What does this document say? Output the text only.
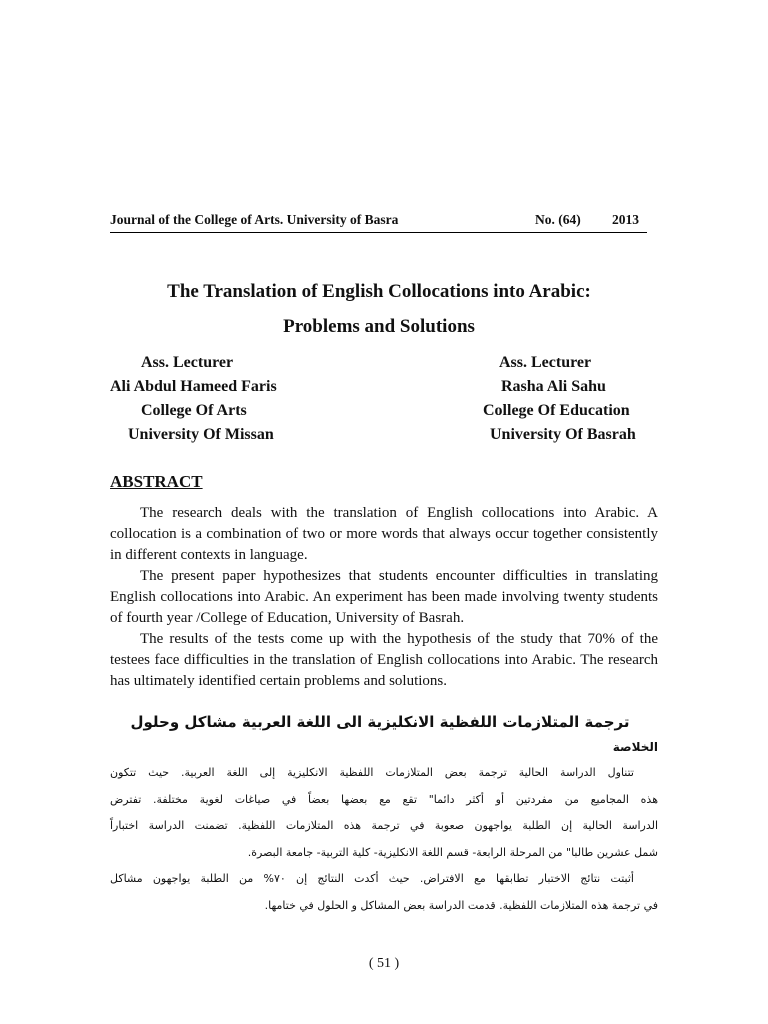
Journal of the College of Arts. University of Basra	No. (64) 2013
The Translation of English Collocations into Arabic:
Problems and Solutions
Ass. Lecturer
Ali Abdul Hameed Faris
College Of Arts
University Of Missan
Ass. Lecturer
Rasha Ali Sahu
College Of Education
University Of Basrah
ABSTRACT

The research deals with the translation of English collocations into Arabic. A collocation is a combination of two or more words that always occur together consistently in different contexts in language.

The present paper hypothesizes that students encounter difficulties in translating English collocations into Arabic. An experiment has been made involving twenty students of fourth year /College of Education, University of Basrah.

The results of the tests come up with the hypothesis of the study that 70% of the testees face difficulties in the translation of English collocations into Arabic. The research has ultimately identified certain problems and solutions.

ترجمة المتلازمات اللفظية الانكليزية الى اللغة العربية مشاكل وحلول
الخلاصة
تتناول الدراسة الحالية ترجمة بعض المتلازمات اللفظية الانكليزية إلى اللغة العربية. حيث تتكون
هذه المجاميع من مفردتين أو أكثر دائما" تقع مع بعضها بعضاً في صياغات لغوية مختلفة. تفترض
الدراسة الحالية إن الطلبة يواجهون صعوبة في ترجمة هذه المتلازمات اللفظية. تضمنت الدراسة اختباراً
شمل عشرين طالبا" من المرحلة الرابعة- قسم اللغة الانكليزية- كلية التربية- جامعة البصرة.
أثبتت نتائج الاختبار تطابقها مع الافتراض. حيث أكدت النتائج إن ٧٠% من الطلبة يواجهون مشاكل
في ترجمة هذه المتلازمات اللفظية. قدمت الدراسة بعض المشاكل و الحلول في ختامها.
( 51 )
